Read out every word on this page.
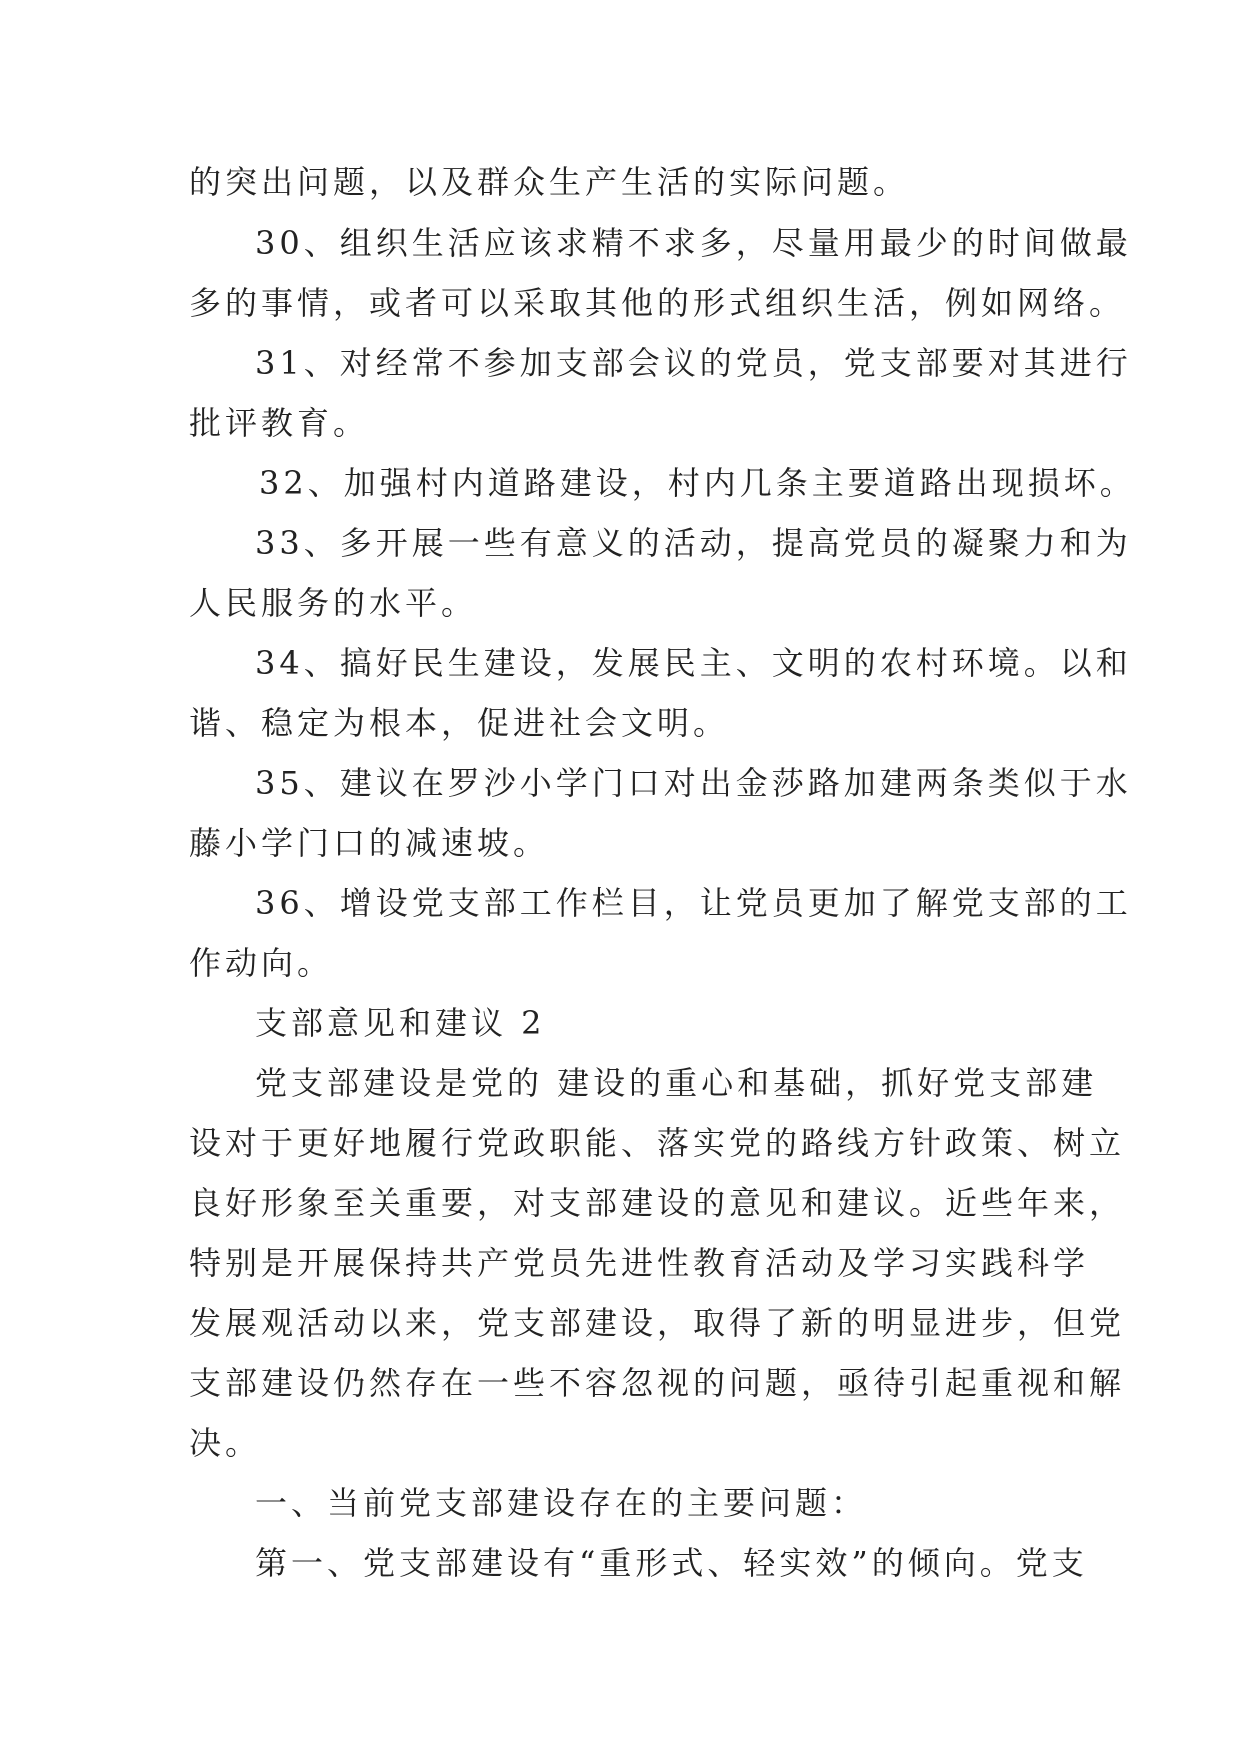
的突出问题，以及群众生产生活的实际问题。
30、组织生活应该求精不求多，尽量用最少的时间做最
多的事情，或者可以采取其他的形式组织生活，例如网络。
31、对经常不参加支部会议的党员，党支部要对其进行
批评教育。
32、加强村内道路建设，村内几条主要道路出现损坏。
33、多开展一些有意义的活动，提高党员的凝聚力和为
人民服务的水平。
34、搞好民生建设，发展民主、文明的农村环境。以和
谐、稳定为根本，促进社会文明。
35、建议在罗沙小学门口对出金莎路加建两条类似于水
藤小学门口的减速坡。
36、增设党支部工作栏目，让党员更加了解党支部的工
作动向。
支部意见和建议 2
党支部建设是党的 建设的重心和基础，抓好党支部建
设对于更好地履行党政职能、落实党的路线方针政策、树立
良好形象至关重要，对支部建设的意见和建议。近些年来，
特别是开展保持共产党员先进性教育活动及学习实践科学
发展观活动以来，党支部建设，取得了新的明显进步，但党
支部建设仍然存在一些不容忽视的问题，亟待引起重视和解
决。
一、当前党支部建设存在的主要问题：
第一、党支部建设有“重形式、轻实效”的倾向。党支
